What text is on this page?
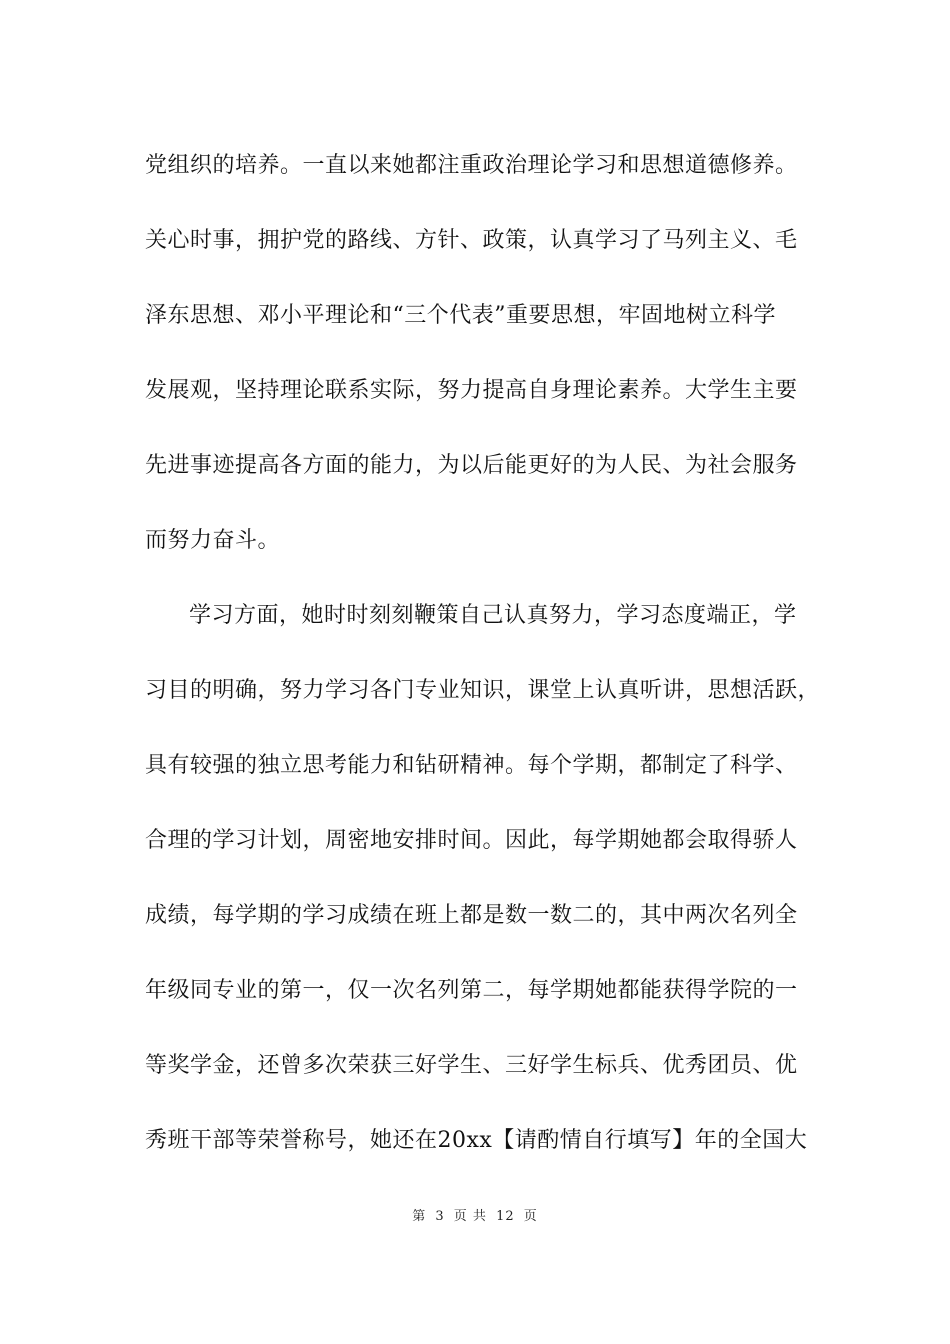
党组织的培养。一直以来她都注重政治理论学习和思想道德修养。
关心时事，拥护党的路线、方针、政策，认真学习了马列主义、毛
泽东思想、邓小平理论和“三个代表”重要思想，牢固地树立科学
发展观，坚持理论联系实际，努力提高自身理论素养。大学生主要
先进事迹提高各方面的能力，为以后能更好的为人民、为社会服务
而努力奋斗。
学习方面，她时时刻刻鞭策自己认真努力，学习态度端正，学
习目的明确，努力学习各门专业知识，课堂上认真听讲，思想活跃，
具有较强的独立思考能力和钻研精神。每个学期，都制定了科学、
合理的学习计划，周密地安排时间。因此，每学期她都会取得骄人
成绩，每学期的学习成绩在班上都是数一数二的，其中两次名列全
年级同专业的第一，仅一次名列第二，每学期她都能获得学院的一
等奖学金，还曾多次荣获三好学生、三好学生标兵、优秀团员、优
秀班干部等荣誉称号，她还在20xx【请酌情自行填写】年的全国大
第 3 页 共 12 页
